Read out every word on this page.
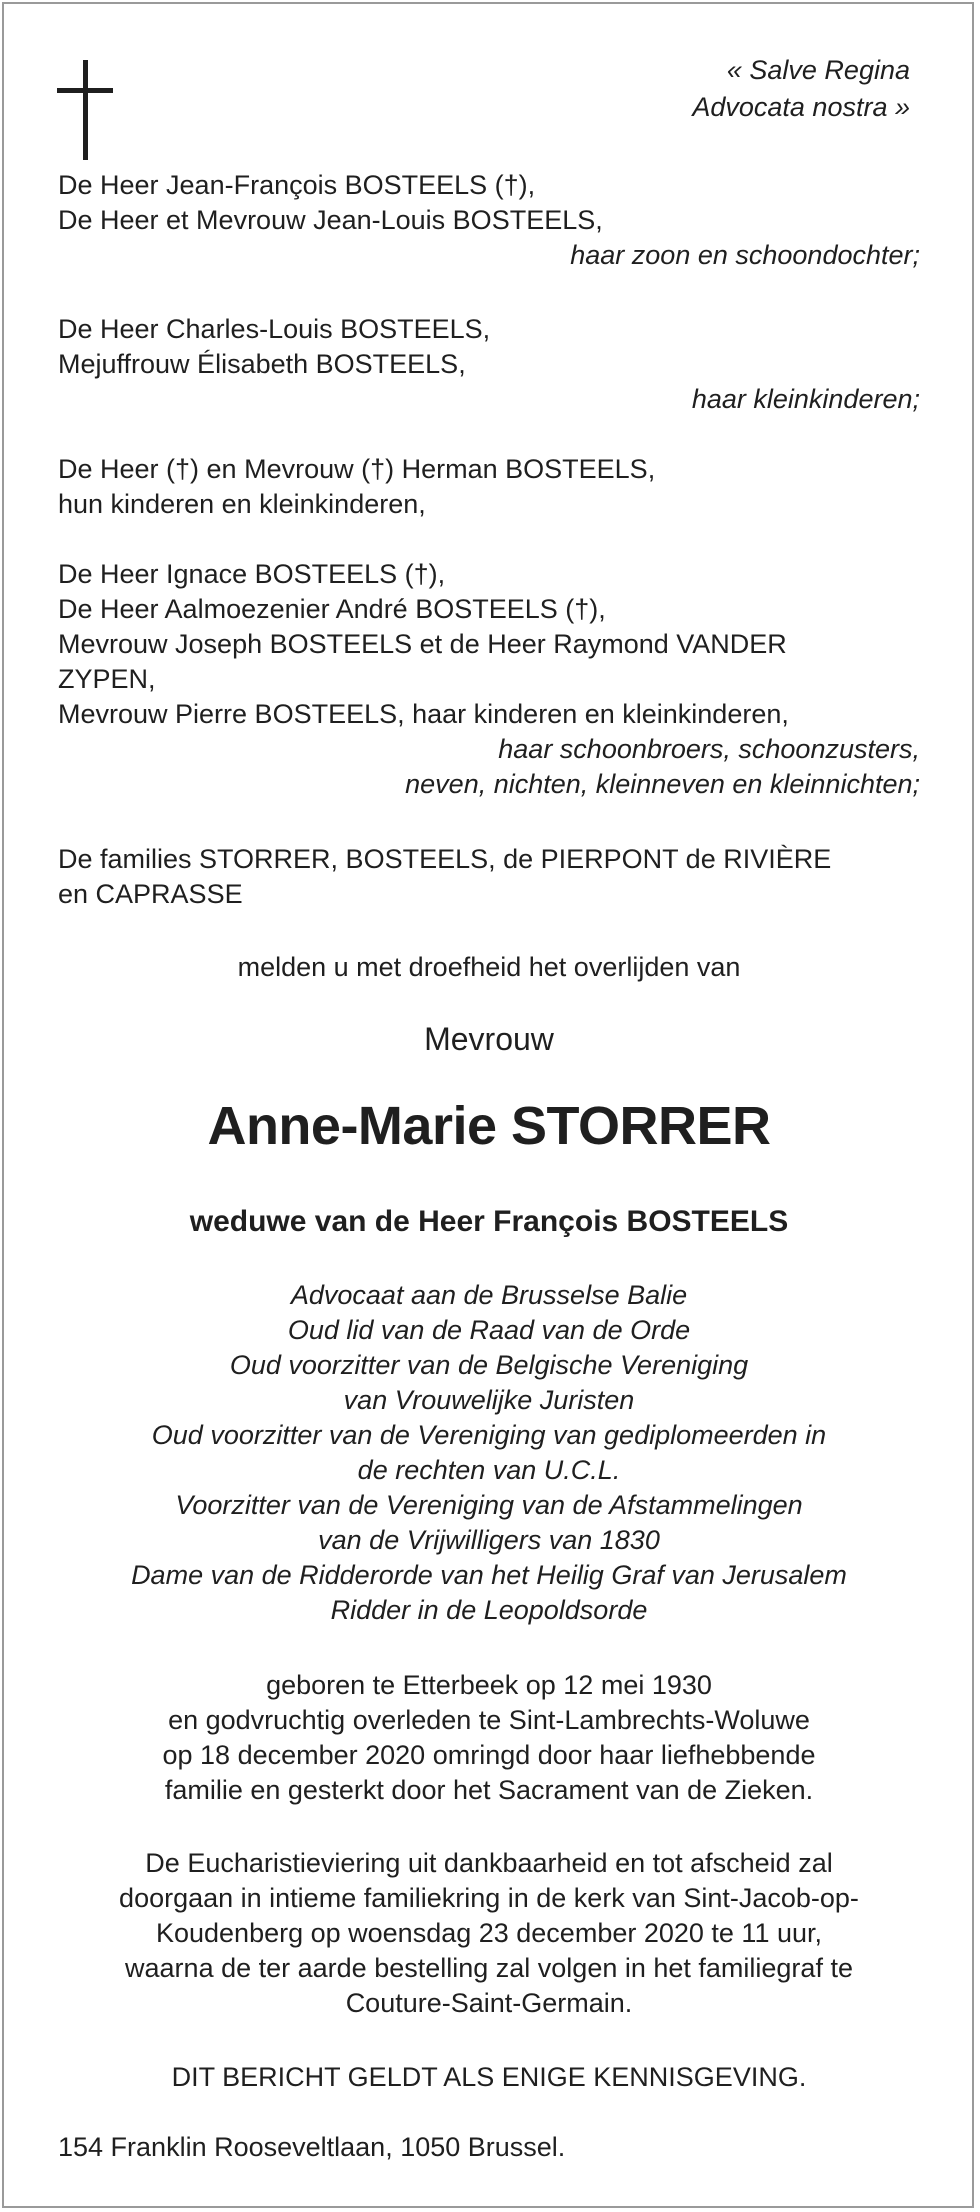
« Salve Regina
Advocata nostra »
De Heer Jean-François BOSTEELS (†),
De Heer et Mevrouw Jean-Louis BOSTEELS,
haar zoon en schoondochter;
De Heer Charles-Louis BOSTEELS,
Mejuffrouw Élisabeth BOSTEELS,
haar kleinkinderen;
De Heer (†) en Mevrouw (†) Herman BOSTEELS,
hun kinderen en kleinkinderen,
De Heer Ignace BOSTEELS (†),
De Heer Aalmoezenier André BOSTEELS (†),
Mevrouw Joseph BOSTEELS et de Heer Raymond VANDER
ZYPEN,
Mevrouw Pierre BOSTEELS, haar kinderen en kleinkinderen,
haar schoonbroers, schoonzusters,
neven, nichten, kleinneven en kleinnichten;
De families STORRER, BOSTEELS, de PIERPONT de RIVIÈRE
en CAPRASSE
melden u met droefheid het overlijden van
Mevrouw
Anne-Marie STORRER
weduwe van de Heer François BOSTEELS
Advocaat aan de Brusselse Balie
Oud lid van de Raad van de Orde
Oud voorzitter van de Belgische Vereniging
van Vrouwelijke Juristen
Oud voorzitter van de Vereniging van gediplomeerden in
de rechten van U.C.L.
Voorzitter van de Vereniging van de Afstammelingen
van de Vrijwilligers van 1830
Dame van de Ridderorde van het Heilig Graf van Jerusalem
Ridder in de Leopoldsorde
geboren te Etterbeek op 12 mei 1930
en godvruchtig overleden te Sint-Lambrechts-Woluwe
op 18 december 2020 omringd door haar liefhebbende
familie en gesterkt door het Sacrament van de Zieken.
De Eucharistieviering uit dankbaarheid en tot afscheid zal
doorgaan in intieme familiekring in de kerk van Sint-Jacob-op-
Koudenberg op woensdag 23 december 2020 te 11 uur,
waarna de ter aarde bestelling zal volgen in het familiegraf te
Couture-Saint-Germain.
DIT BERICHT GELDT ALS ENIGE KENNISGEVING.
154 Franklin Rooseveltlaan, 1050 Brussel.
